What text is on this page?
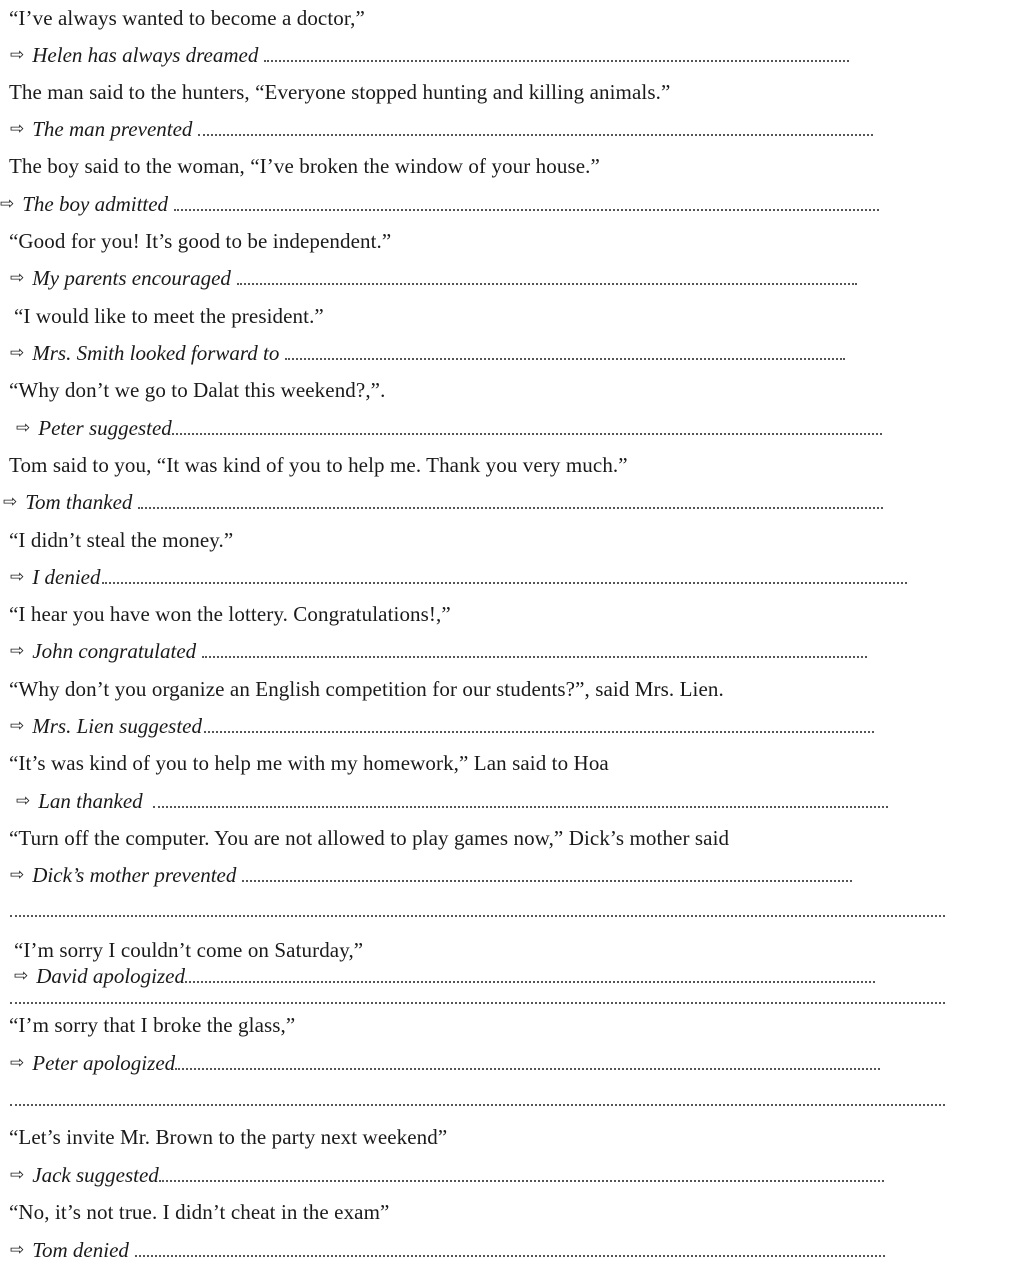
“I’ve always wanted to become a doctor,”
⇨ Helen has always dreamed
The man said to the hunters, “Everyone stopped hunting and killing animals.”
⇨ The man prevented
The boy said to the woman, “I’ve broken the window of your house.”
⇨ The boy admitted
“Good for you! It’s good to be independent.”
⇨ My parents encouraged
“I would like to meet the president.”
⇨ Mrs. Smith looked forward to
“Why don’t we go to Dalat this weekend?,”.
⇨ Peter suggested
Tom said to you, “It was kind of you to help me. Thank you very much.”
⇨ Tom thanked
“I didn’t steal the money.”
⇨ I denied
“I hear you have won the lottery. Congratulations!,”
⇨ John congratulated
“Why don’t you organize an English competition for our students?”, said Mrs. Lien.
⇨ Mrs. Lien suggested
“It’s was kind of you to help me with my homework,” Lan said to Hoa
⇨ Lan thanked
“Turn off the computer. You are not allowed to play games now,” Dick’s mother said
⇨ Dick’s mother prevented
“I’m sorry I couldn’t come on Saturday,”
⇨ David apologized
“I’m sorry that I broke the glass,”
⇨ Peter apologized
“Let’s invite Mr. Brown to the party next weekend”
⇨ Jack suggested
“No, it’s not true. I didn’t cheat in the exam”
⇨ Tom denied
